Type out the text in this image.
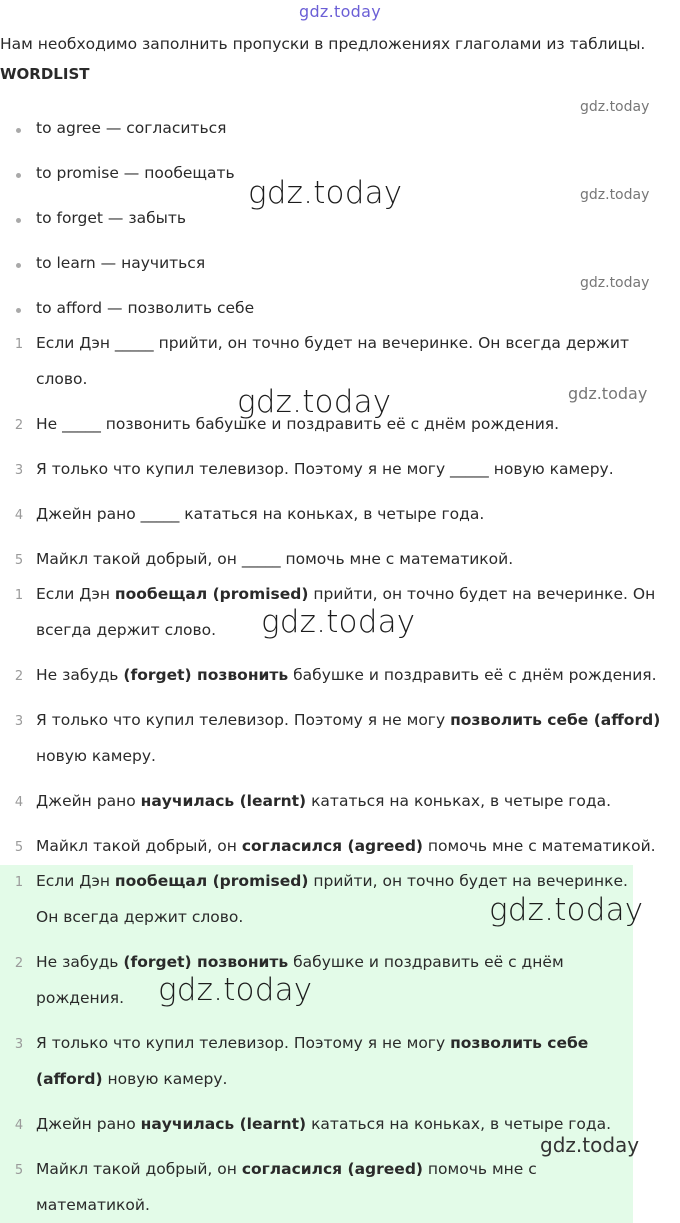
gdz.today
Нам необходимо заполнить пропуски в предложениях глаголами из таблицы.
WORDLIST
to agree — согласиться
to promise — пообещать
to forget — забыть
to learn — научиться
to afford — позволить себе
1 Если Дэн _____ прийти, он точно будет на вечеринке. Он всегда держит
слово.
2 Не _____ позвонить бабушке и поздравить её с днём рождения.
3 Я только что купил телевизор. Поэтому я не могу _____ новую камеру.
4 Джейн рано _____ кататься на коньках, в четыре года.
5 Майкл такой добрый, он _____ помочь мне с математикой.
1 Если Дэн пообещал (promised) прийти, он точно будет на вечеринке. Он
всегда держит слово.
2 Не забудь (forget) позвонить бабушке и поздравить её с днём рождения.
3 Я только что купил телевизор. Поэтому я не могу позволить себе (afford)
новую камеру.
4 Джейн рано научилась (learnt) кататься на коньках, в четыре года.
5 Майкл такой добрый, он согласился (agreed) помочь мне с математикой.
1 Если Дэн пообещал (promised) прийти, он точно будет на вечеринке.
Он всегда держит слово.
2 Не забудь (forget) позвонить бабушке и поздравить её с днём
рождения.
3 Я только что купил телевизор. Поэтому я не могу позволить себе
(afford) новую камеру.
4 Джейн рано научилась (learnt) кататься на коньках, в четыре года.
5 Майкл такой добрый, он согласился (agreed) помочь мне с
математикой.
gdz.today
gdz.today
gdz.today
gdz.today
gdz.today
gdz.today
gdz.today
gdz.today
gdz.today
gdz.today
